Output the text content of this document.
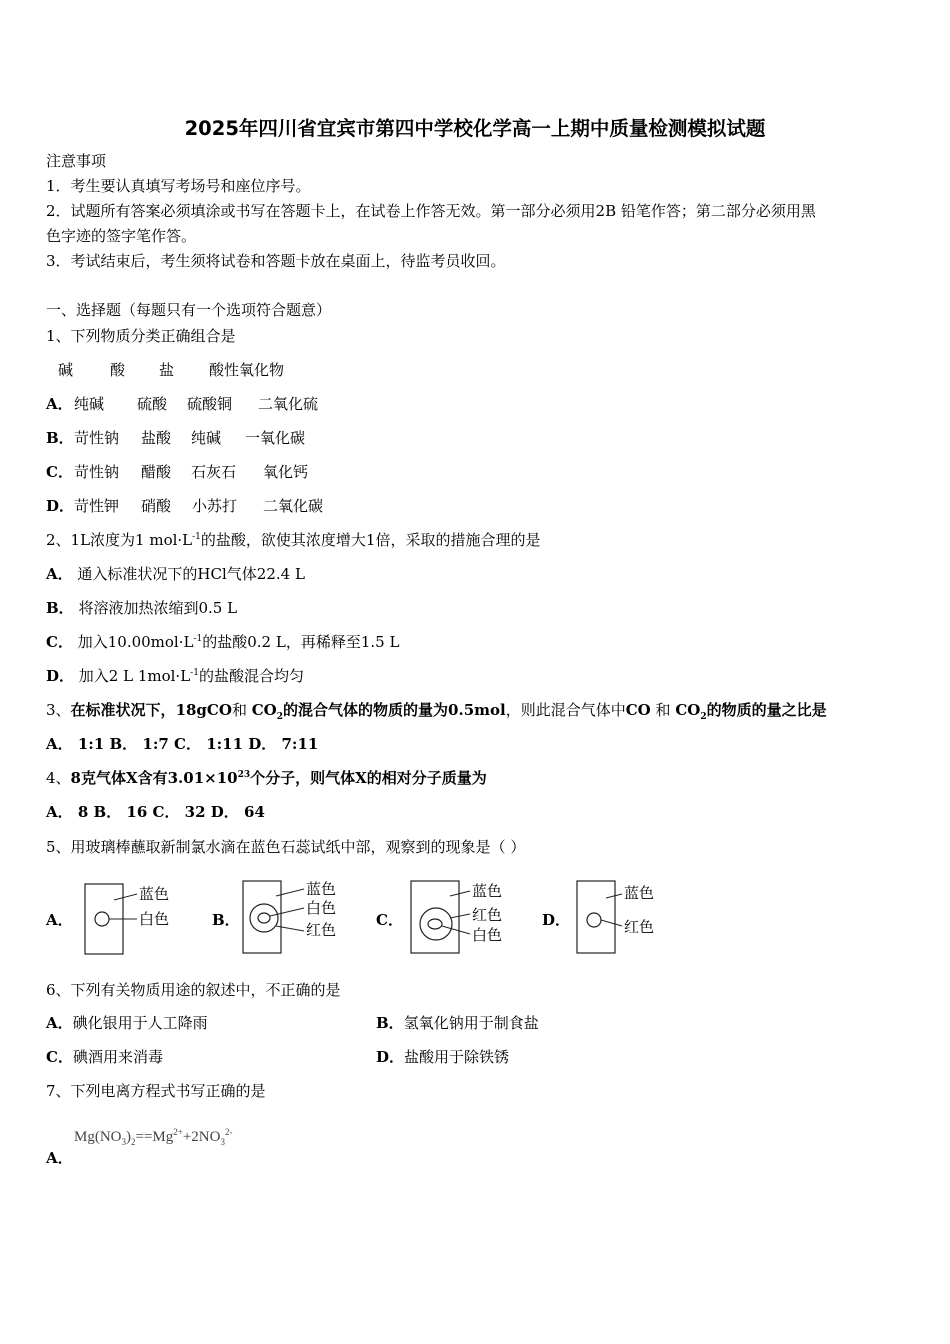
2025年四川省宜宾市第四中学校化学高一上期中质量检测模拟试题
注意事项
1．考生要认真填写考场号和座位序号。
2．试题所有答案必须填涂或书写在答题卡上，在试卷上作答无效。第一部分必须用2B 铅笔作答；第二部分必须用黑
色字迹的签字笔作答。
3．考试结束后，考生须将试卷和答题卡放在桌面上，待监考员收回。
一、选择题（每题只有一个选项符合题意）
1、下列物质分类正确组合是
碱 酸 盐 酸性氧化物
A． 纯碱 硫酸 硫酸铜 二氧化硫
B． 苛性钠 盐酸 纯碱 一氧化碳
C． 苛性钠 醋酸 石灰石 氧化钙
D． 苛性钾 硝酸 小苏打 二氧化碳
2、1L浓度为1 $mol\cdot L^{-1}$的盐酸，欲使其浓度增大1倍，采取的措施合理的是
A． 通入标准状况下的HCl气体22.4 L
B． 将溶液加热浓缩到0.5 L
C． 加入$10.00mol\cdot L^{-1}$的盐酸0.2 L，再稀释至1.5 L
D． 加入2 L $1mol\cdot L^{-1}$的盐酸混合均匀
3、在标准状况下，18gCO和 $CO_2$的混合气体的物质的量为0.5mol，则此混合气体中CO 和 $CO_2$的物质的量之比是
A． 1:1 B． 1:7 C． 1:11 D． 7:11
4、8克气体X含有$3.01\times 10^{23}$个分子，则气体X的相对分子质量为
A． 8 B． 16 C． 32 D． 64
5、用玻璃棒蘸取新制氯水滴在蓝色石蕊试纸中部，观察到的现象是（ ）
A．
蓝色
白色	B．
蓝色
白色
红色
C．
蓝色
红色
白色
D．
蓝色
红色
6、下列有关物质用途的叙述中，不正确的是
A．碘化银用于人工降雨	B．氢氧化钠用于制食盐
C．碘酒用来消毒	D．盐酸用于除铁锈
7、下列电离方程式书写正确的是
$Mg(NO_3)_2==Mg^{2+}+2NO_3^{2-}$
A．
